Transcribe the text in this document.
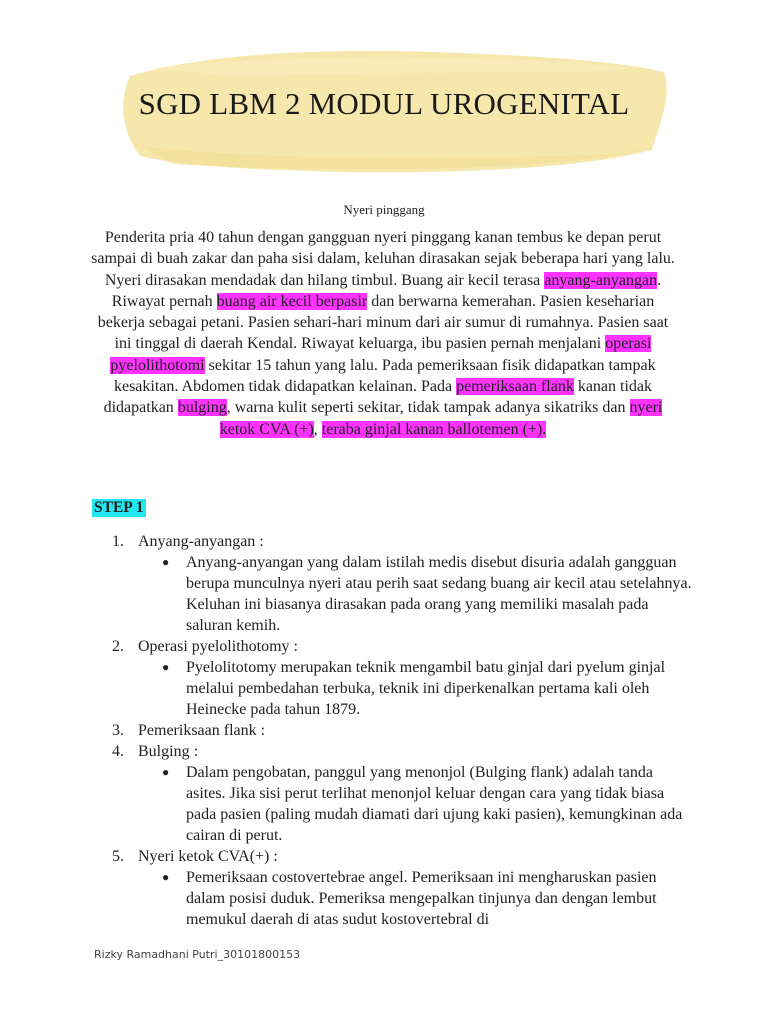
SGD LBM 2 MODUL UROGENITAL
Nyeri pinggang
Penderita pria 40 tahun dengan gangguan nyeri pinggang kanan tembus ke depan perut sampai di buah zakar dan paha sisi dalam, keluhan dirasakan sejak beberapa hari yang lalu. Nyeri dirasakan mendadak dan hilang timbul. Buang air kecil terasa anyang-anyangan. Riwayat pernah buang air kecil berpasir dan berwarna kemerahan. Pasien keseharian bekerja sebagai petani. Pasien sehari-hari minum dari air sumur di rumahnya. Pasien saat ini tinggal di daerah Kendal. Riwayat keluarga, ibu pasien pernah menjalani operasi pyelolithotomi sekitar 15 tahun yang lalu. Pada pemeriksaan fisik didapatkan tampak kesakitan. Abdomen tidak didapatkan kelainan. Pada pemeriksaan flank kanan tidak didapatkan bulging, warna kulit seperti sekitar, tidak tampak adanya sikatriks dan nyeri ketok CVA (+), teraba ginjal kanan ballotemen (+).
STEP 1
1. Anyang-anyangan :
● Anyang-anyangan yang dalam istilah medis disebut disuria adalah gangguan berupa munculnya nyeri atau perih saat sedang buang air kecil atau setelahnya. Keluhan ini biasanya dirasakan pada orang yang memiliki masalah pada saluran kemih.
2. Operasi pyelolithotomy :
● Pyelolitotomy merupakan teknik mengambil batu ginjal dari pyelum ginjal melalui pembedahan terbuka, teknik ini diperkenalkan pertama kali oleh Heinecke pada tahun 1879.
3. Pemeriksaan flank :
4. Bulging :
● Dalam pengobatan, panggul yang menonjol (Bulging flank) adalah tanda asites. Jika sisi perut terlihat menonjol keluar dengan cara yang tidak biasa pada pasien (paling mudah diamati dari ujung kaki pasien), kemungkinan ada cairan di perut.
5. Nyeri ketok CVA(+) :
● Pemeriksaan costovertebrae angel. Pemeriksaan ini mengharuskan pasien dalam posisi duduk. Pemeriksa mengepalkan tinjunya dan dengan lembut memukul daerah di atas sudut kostovertebral di
Rizky Ramadhani Putri_30101800153
